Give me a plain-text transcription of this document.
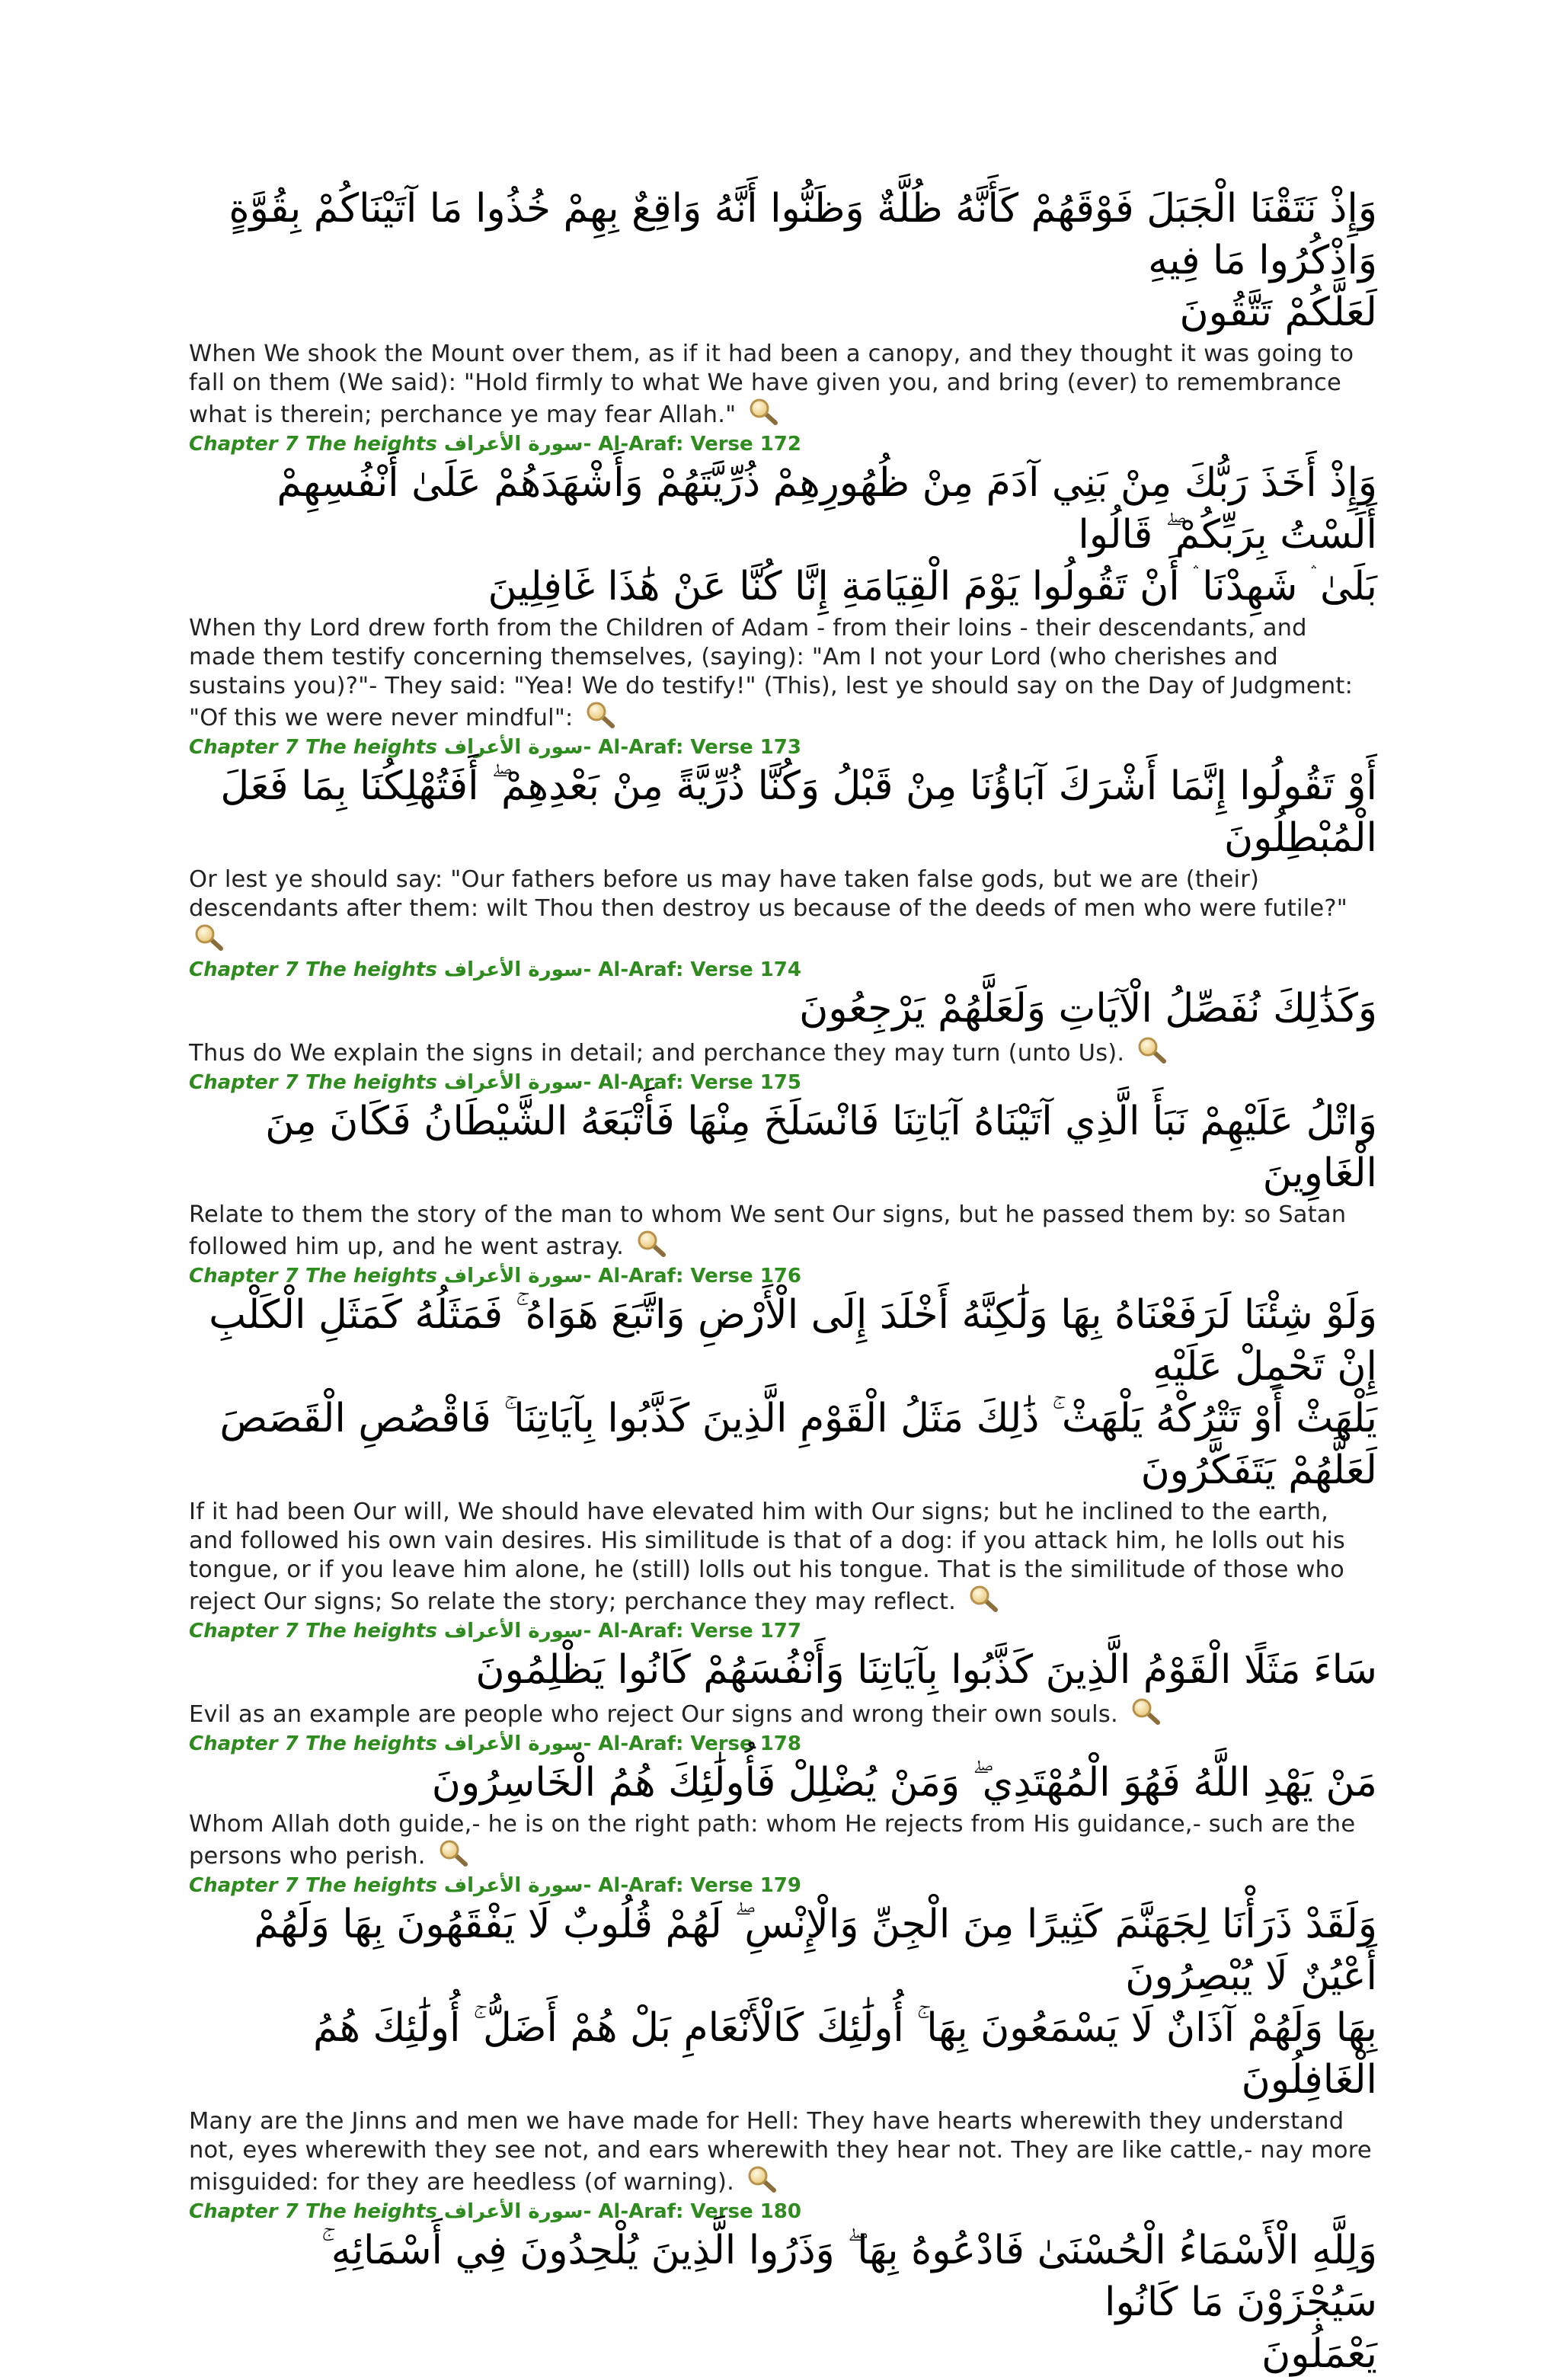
وَإِذْ نَتَقْنَا الْجَبَلَ فَوْقَهُمْ كَأَنَّهُ ظُلَّةٌ وَظَنُّوا أَنَّهُ وَاقِعٌ بِهِمْ خُذُوا مَا آتَيْنَاكُمْ بِقُوَّةٍ وَاذْكُرُوا مَا فِيهِ
لَعَلَّكُمْ تَتَّقُونَ
When We shook the Mount over them, as if it had been a canopy, and they thought it was going to fall on them (We said): "Hold firmly to what We have given you, and bring (ever) to remembrance what is therein; perchance ye may fear Allah."
Chapter 7 The heights سورة الأعراف- Al-Araf: Verse 172
وَإِذْ أَخَذَ رَبُّكَ مِنْ بَنِي آدَمَ مِنْ ظُهُورِهِمْ ذُرِّيَّتَهُمْ وَأَشْهَدَهُمْ عَلَىٰ أَنْفُسِهِمْ أَلَسْتُ بِرَبِّكُمْ ۖ قَالُوا
بَلَىٰ ۛ شَهِدْنَا ۛ أَنْ تَقُولُوا يَوْمَ الْقِيَامَةِ إِنَّا كُنَّا عَنْ هَٰذَا غَافِلِينَ
When thy Lord drew forth from the Children of Adam - from their loins - their descendants, and made them testify concerning themselves, (saying): "Am I not your Lord (who cherishes and sustains you)?"- They said: "Yea! We do testify!" (This), lest ye should say on the Day of Judgment: "Of this we were never mindful":
Chapter 7 The heights سورة الأعراف- Al-Araf: Verse 173
أَوْ تَقُولُوا إِنَّمَا أَشْرَكَ آبَاؤُنَا مِنْ قَبْلُ وَكُنَّا ذُرِّيَّةً مِنْ بَعْدِهِمْ ۖ أَفَتُهْلِكُنَا بِمَا فَعَلَ الْمُبْطِلُونَ
Or lest ye should say: "Our fathers before us may have taken false gods, but we are (their) descendants after them: wilt Thou then destroy us because of the deeds of men who were futile?"
Chapter 7 The heights سورة الأعراف- Al-Araf: Verse 174
وَكَذَٰلِكَ نُفَصِّلُ الْآيَاتِ وَلَعَلَّهُمْ يَرْجِعُونَ
Thus do We explain the signs in detail; and perchance they may turn (unto Us).
Chapter 7 The heights سورة الأعراف- Al-Araf: Verse 175
وَاتْلُ عَلَيْهِمْ نَبَأَ الَّذِي آتَيْنَاهُ آيَاتِنَا فَانْسَلَخَ مِنْهَا فَأَتْبَعَهُ الشَّيْطَانُ فَكَانَ مِنَ الْغَاوِينَ
Relate to them the story of the man to whom We sent Our signs, but he passed them by: so Satan followed him up, and he went astray.
Chapter 7 The heights سورة الأعراف- Al-Araf: Verse 176
وَلَوْ شِئْنَا لَرَفَعْنَاهُ بِهَا وَلَٰكِنَّهُ أَخْلَدَ إِلَى الْأَرْضِ وَاتَّبَعَ هَوَاهُ ۚ فَمَثَلُهُ كَمَثَلِ الْكَلْبِ إِنْ تَحْمِلْ عَلَيْهِ
يَلْهَثْ أَوْ تَتْرُكْهُ يَلْهَثْ ۚ ذَٰلِكَ مَثَلُ الْقَوْمِ الَّذِينَ كَذَّبُوا بِآيَاتِنَا ۚ فَاقْصُصِ الْقَصَصَ لَعَلَّهُمْ يَتَفَكَّرُونَ
If it had been Our will, We should have elevated him with Our signs; but he inclined to the earth, and followed his own vain desires. His similitude is that of a dog: if you attack him, he lolls out his tongue, or if you leave him alone, he (still) lolls out his tongue. That is the similitude of those who reject Our signs; So relate the story; perchance they may reflect.
Chapter 7 The heights سورة الأعراف- Al-Araf: Verse 177
سَاءَ مَثَلًا الْقَوْمُ الَّذِينَ كَذَّبُوا بِآيَاتِنَا وَأَنْفُسَهُمْ كَانُوا يَظْلِمُونَ
Evil as an example are people who reject Our signs and wrong their own souls.
Chapter 7 The heights سورة الأعراف- Al-Araf: Verse 178
مَنْ يَهْدِ اللَّهُ فَهُوَ الْمُهْتَدِي ۖ وَمَنْ يُضْلِلْ فَأُولَٰئِكَ هُمُ الْخَاسِرُونَ
Whom Allah doth guide,- he is on the right path: whom He rejects from His guidance,- such are the persons who perish.
Chapter 7 The heights سورة الأعراف- Al-Araf: Verse 179
وَلَقَدْ ذَرَأْنَا لِجَهَنَّمَ كَثِيرًا مِنَ الْجِنِّ وَالْإِنْسِ ۖ لَهُمْ قُلُوبٌ لَا يَفْقَهُونَ بِهَا وَلَهُمْ أَعْيُنٌ لَا يُبْصِرُونَ
بِهَا وَلَهُمْ آذَانٌ لَا يَسْمَعُونَ بِهَا ۚ أُولَٰئِكَ كَالْأَنْعَامِ بَلْ هُمْ أَضَلُّ ۚ أُولَٰئِكَ هُمُ الْغَافِلُونَ
Many are the Jinns and men we have made for Hell: They have hearts wherewith they understand not, eyes wherewith they see not, and ears wherewith they hear not. They are like cattle,- nay more misguided: for they are heedless (of warning).
Chapter 7 The heights سورة الأعراف- Al-Araf: Verse 180
وَلِلَّهِ الْأَسْمَاءُ الْحُسْنَىٰ فَادْعُوهُ بِهَا ۖ وَذَرُوا الَّذِينَ يُلْحِدُونَ فِي أَسْمَائِهِ ۚ سَيُجْزَوْنَ مَا كَانُوا
يَعْمَلُونَ
